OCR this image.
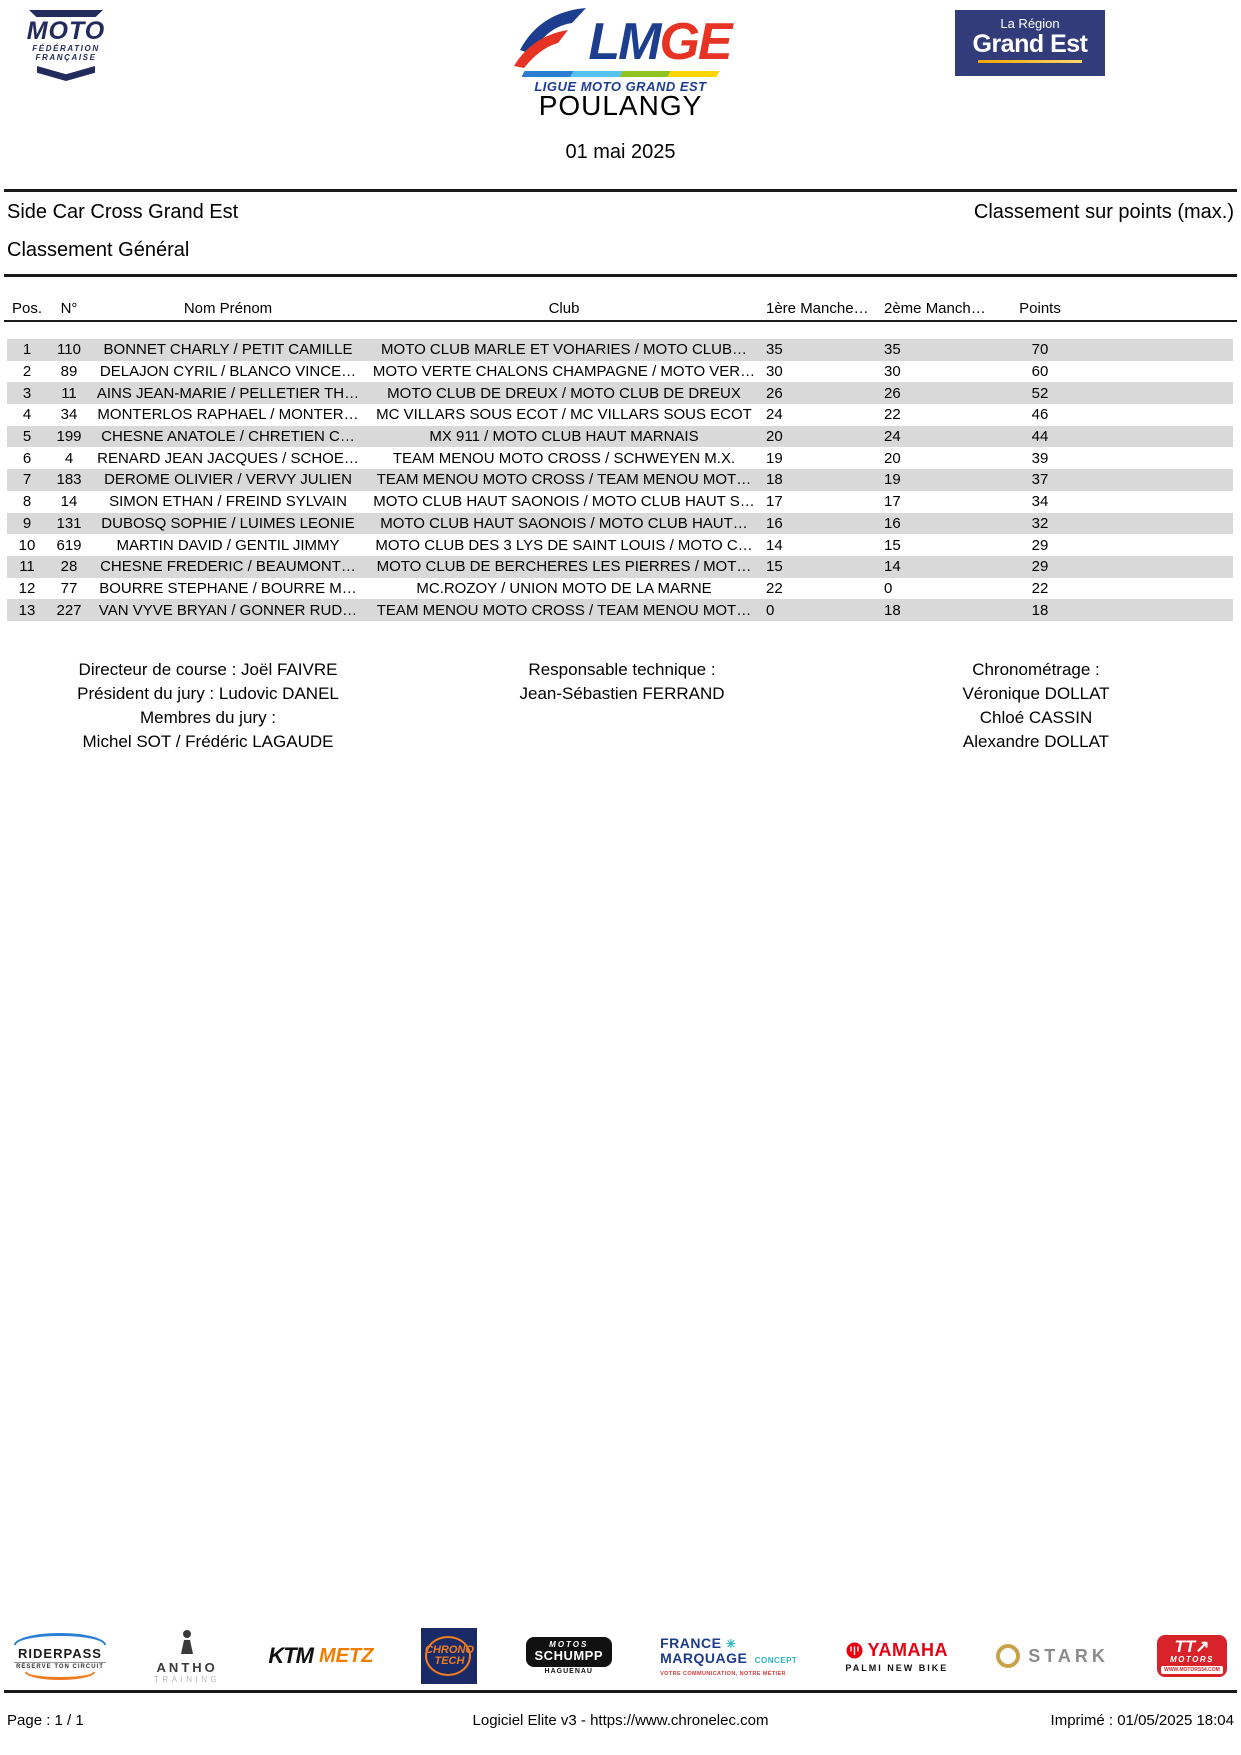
MOTO
FÉDÉRATION
FRANÇAISE	LMGE
LIGUE MOTO GRAND EST
La Région
Grand Est
POULANGY
01 mai 2025
Side Car Cross Grand Est	Classement sur points (max.)
Classement Général
Pos.	N°	Nom Prénom	Club	1ère Manche…	2ème Manch…	Points
1	110	BONNET CHARLY / PETIT CAMILLE	MOTO CLUB MARLE ET VOHARIES / MOTO CLUB…	35	35	70
2	89	DELAJON CYRIL / BLANCO VINCE…	MOTO VERTE CHALONS CHAMPAGNE / MOTO VER… 30	30	60
3	11	AINS JEAN-MARIE / PELLETIER TH…	MOTO CLUB DE DREUX / MOTO CLUB DE DREUX	26	26	52
4	34	MONTERLOS RAPHAEL / MONTER…	MC VILLARS SOUS ECOT / MC VILLARS SOUS ECOT 24	22	46
5	199	CHESNE ANATOLE / CHRETIEN C…	MX 911 / MOTO CLUB HAUT MARNAIS	20	24	44
6	4	RENARD JEAN JACQUES / SCHOE…	TEAM MENOU MOTO CROSS / SCHWEYEN M.X.	19	20	39
7	183	DEROME OLIVIER / VERVY JULIEN	TEAM MENOU MOTO CROSS / TEAM MENOU MOT… 18	19	37
8	14	SIMON ETHAN / FREIND SYLVAIN	MOTO CLUB HAUT SAONOIS / MOTO CLUB HAUT S… 17	17	34
9	131	DUBOSQ SOPHIE / LUIMES LEONIE	MOTO CLUB HAUT SAONOIS / MOTO CLUB HAUT…	16	16	32
10	619	MARTIN DAVID / GENTIL JIMMY	MOTO CLUB DES 3 LYS DE SAINT LOUIS / MOTO C… 14	15	29
11	28	CHESNE FREDERIC / BEAUMONT…	MOTO CLUB DE BERCHERES LES PIERRES / MOT… 15	14	29
12	77	BOURRE STEPHANE / BOURRE M…	MC.ROZOY / UNION MOTO DE LA MARNE	22	0	22
13	227	VAN VYVE BRYAN / GONNER RUD…	TEAM MENOU MOTO CROSS / TEAM MENOU MOT… 0	18	18
Directeur de course : Joël FAIVRE
Président du jury : Ludovic DANEL
Membres du jury :
Michel SOT / Frédéric LAGAUDE
Responsable technique :
Jean-Sébastien FERRAND
Chronométrage :
Véronique DOLLAT
Chloé CASSIN
Alexandre DOLLAT
RIDERPASS
RÉSERVE TON CIRCUIT	ANTHO
TRAINING
KTM METZ	CHRONO
TECH
MOTOS
SCHUMPP
HAGUENAU
FRANCE ✳
MARQUAGE CONCEPT
VOTRE COMMUNICATION, NOTRE MÉTIER
YAMAHA
PALMI NEW BIKE
STARK	TT↗
MOTORS
WWW.MOTORS54.COM
Page : 1 / 1	Logiciel Elite v3 - https://www.chronelec.com	Imprimé : 01/05/2025 18:04
